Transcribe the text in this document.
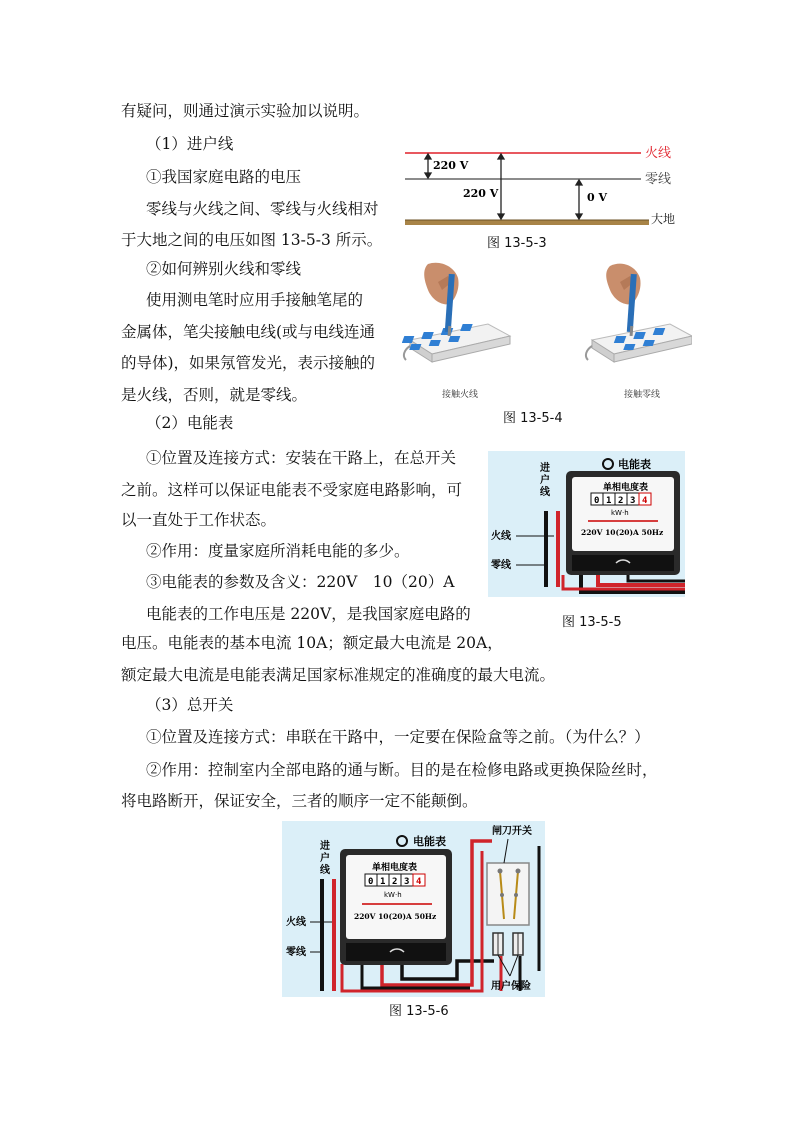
有疑问，则通过演示实验加以说明。
（1）进户线
①我国家庭电路的电压
零线与火线之间、零线与火线相对
于大地之间的电压如图 13-5-3 所示。
②如何辨别火线和零线
使用测电笔时应用手接触笔尾的
金属体，笔尖接触电线(或与电线连通
的导体)，如果氖管发光，表示接触的
是火线，否则，就是零线。
（2）电能表
①位置及连接方式：安装在干路上，在总开关
之前。这样可以保证电能表不受家庭电路影响，可
以一直处于工作状态。
②作用：度量家庭所消耗电能的多少。
③电能表的参数及含义：220V　10（20）A
电能表的工作电压是 220V，是我国家庭电路的
电压。电能表的基本电流 10A；额定最大电流是 20A，
额定最大电流是电能表满足国家标准规定的准确度的最大电流。
（3）总开关
①位置及连接方式：串联在干路中，一定要在保险盒等之前。（为什么？）
②作用：控制室内全部电路的通与断。目的是在检修电路或更换保险丝时，
将电路断开，保证安全，三者的顺序一定不能颠倒。
220 V
220 V	0 V
火线
零线
大地
图 13-5-3
接触火线	接触零线
图 13-5-4
电能表
单相电度表
0 1 2 3 4
kW·h
220V 10(20)A 50Hz
进户线
火线
零线
图 13-5-5
电能表
单相电度表
0 1 2 3 4
kW·h
220V 10(20)A 50Hz
闸刀开关
用户保险
进户线
火线
零线
图 13-5-6
